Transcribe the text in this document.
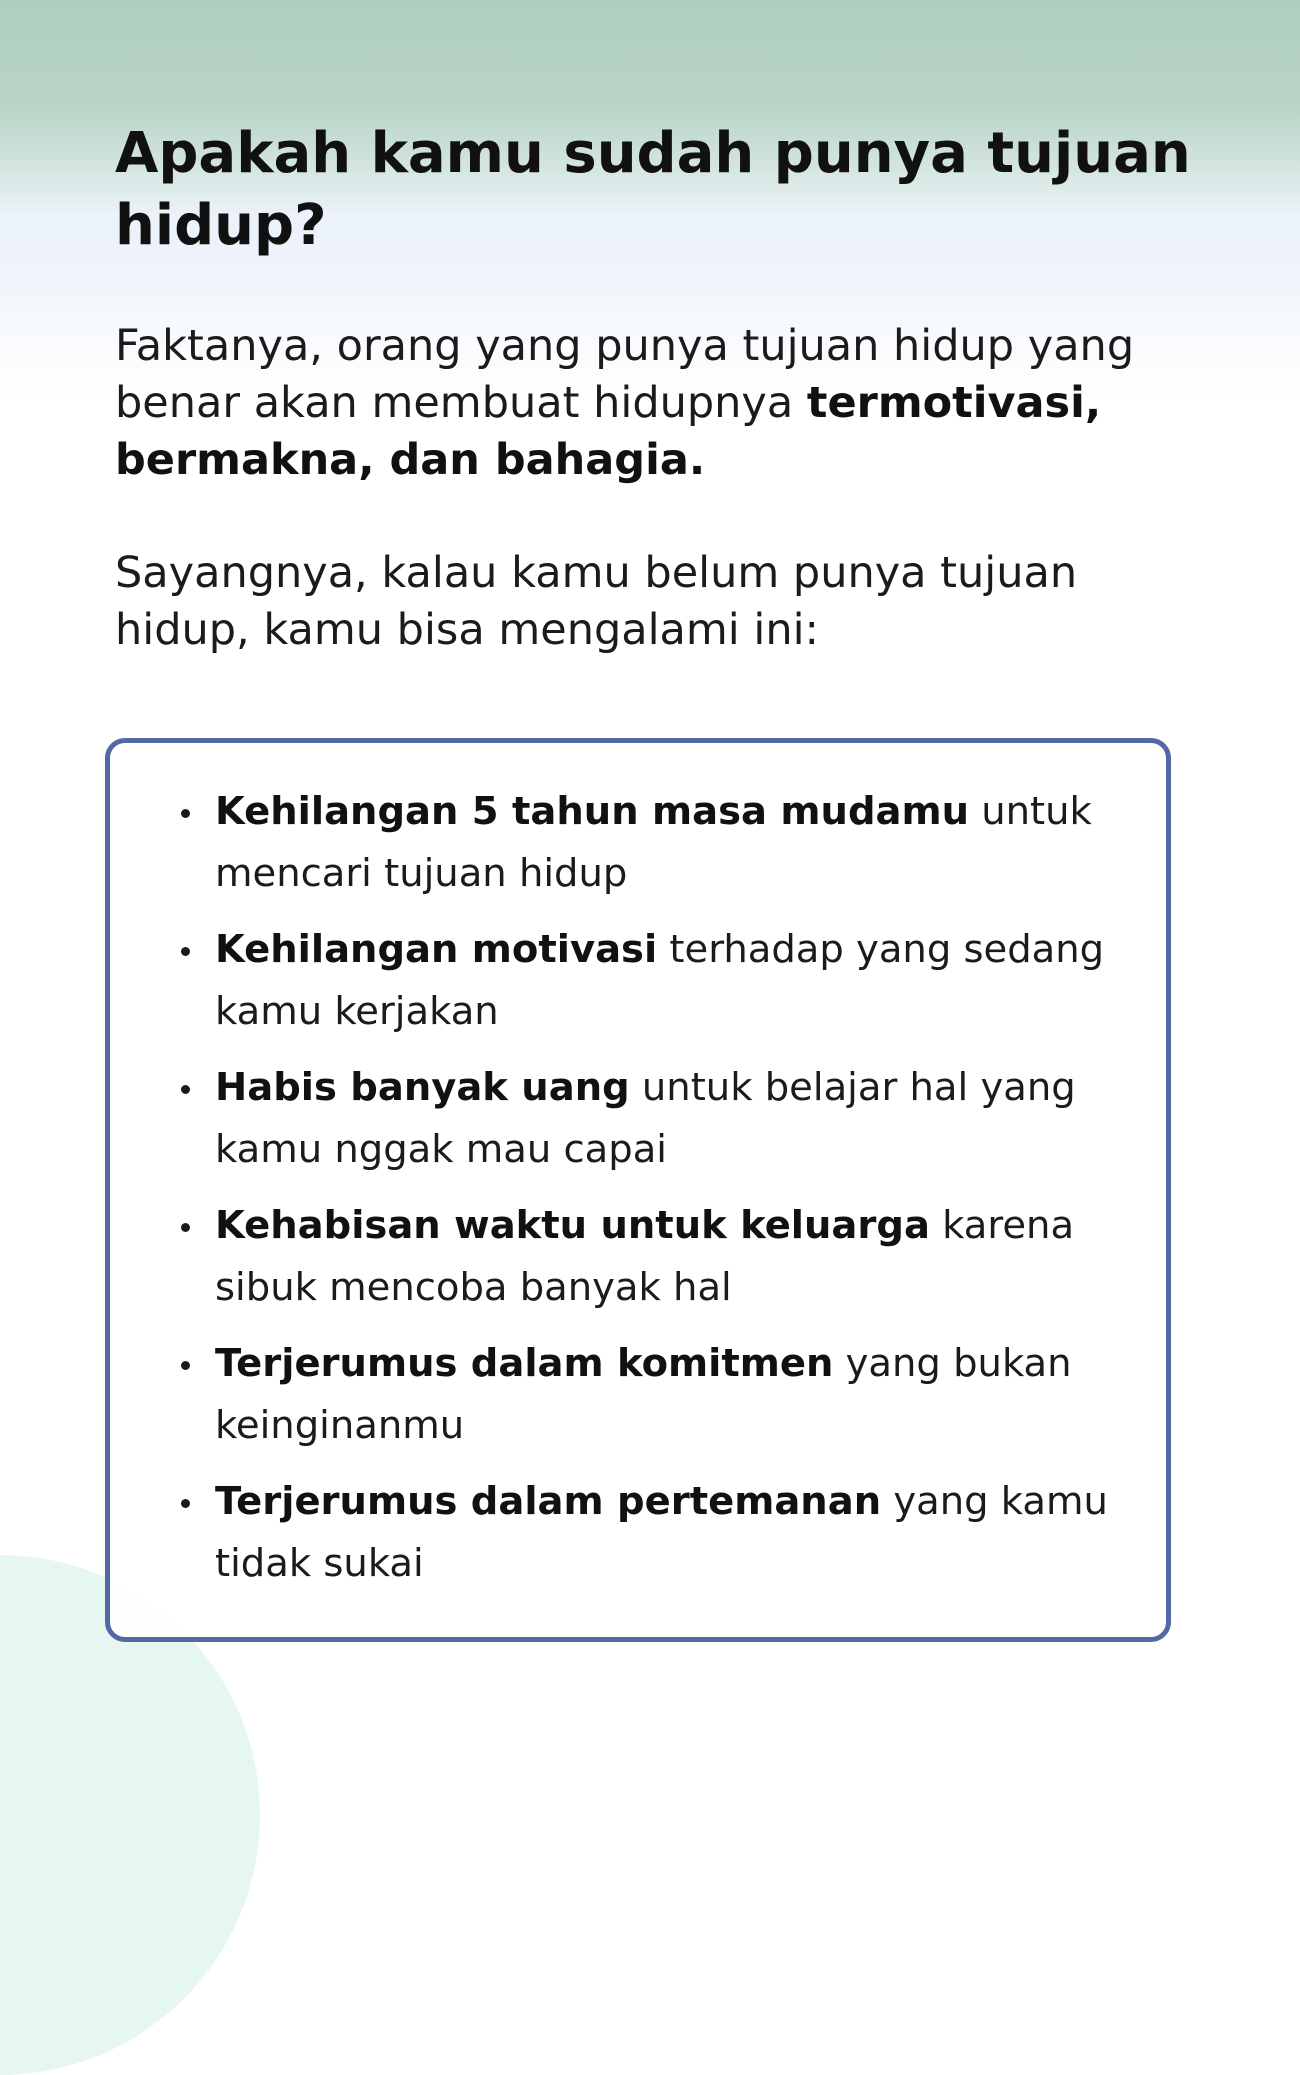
Apakah kamu sudah punya tujuan hidup?

Faktanya, orang yang punya tujuan hidup yang benar akan membuat hidupnya termotivasi, bermakna, dan bahagia.

Sayangnya, kalau kamu belum punya tujuan hidup, kamu bisa mengalami ini:

Kehilangan 5 tahun masa mudamu untuk mencari tujuan hidup
Kehilangan motivasi terhadap yang sedang kamu kerjakan
Habis banyak uang untuk belajar hal yang kamu nggak mau capai
Kehabisan waktu untuk keluarga karena sibuk mencoba banyak hal
Terjerumus dalam komitmen yang bukan keinginanmu
Terjerumus dalam pertemanan yang kamu tidak sukai
